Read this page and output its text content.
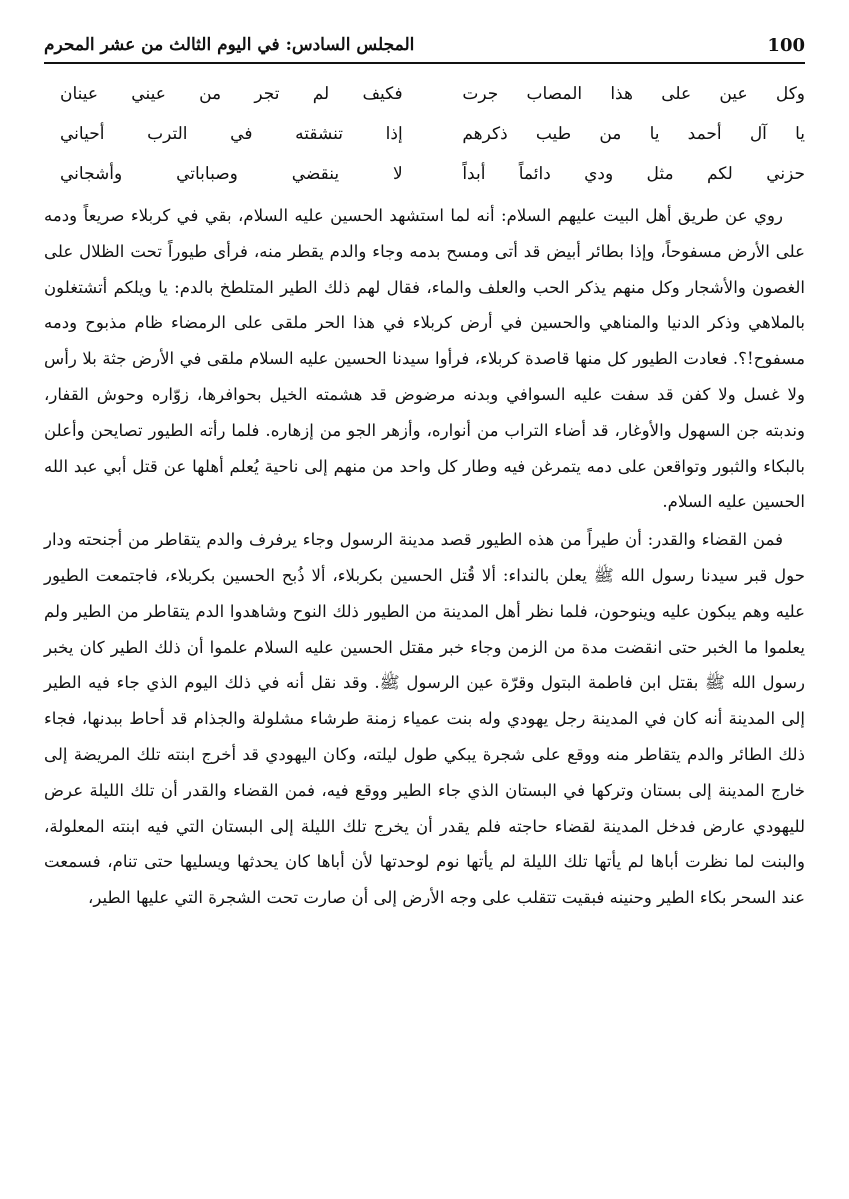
100
المجلس السادس: في اليوم الثالث من عشر المحرم
وكل عين على هذا المصاب جرت
فكيف لم تجر من عيني عينان
يا آل أحمد يا من طيب ذكرهم
إذا تنشقته في الترب أحياني
حزني لكم مثل ودي دائماً أبداً
لا ينقضي وصباباتي وأشجاني

روي عن طريق أهل البيت عليهم السلام: أنه لما استشهد الحسين عليه السلام، بقي في كربلاء صريعاً ودمه على الأرض مسفوحاً، وإذا بطائر أبيض قد أتى ومسح بدمه وجاء والدم يقطر منه، فرأى طيوراً تحت الظلال على الغصون والأشجار وكل منهم يذكر الحب والعلف والماء، فقال لهم ذلك الطير المتلطخ بالدم: يا ويلكم أتشتغلون بالملاهي وذكر الدنيا والمناهي والحسين في أرض كربلاء في هذا الحر ملقى على الرمضاء ظام مذبوح ودمه مسفوح!؟. فعادت الطيور كل منها قاصدة كربلاء، فرأوا سيدنا الحسين عليه السلام ملقى في الأرض جثة بلا رأس ولا غسل ولا كفن قد سفت عليه السوافي وبدنه مرضوض قد هشمته الخيل بحوافرها، زوّاره وحوش القفار، وندبته جن السهول والأوغار، قد أضاء التراب من أنواره، وأزهر الجو من إزهاره. فلما رأته الطيور تصايحن وأعلن بالبكاء والثبور وتواقعن على دمه يتمرغن فيه وطار كل واحد من منهم إلى ناحية يُعلم أهلها عن قتل أبي عبد الله الحسين عليه السلام.

فمن القضاء والقدر: أن طيراً من هذه الطيور قصد مدينة الرسول وجاء يرفرف والدم يتقاطر من أجنحته ودار حول قبر سيدنا رسول الله ﷺ يعلن بالنداء: ألا قُتل الحسين بكربلاء، ألا ذُبح الحسين بكربلاء، فاجتمعت الطيور عليه وهم يبكون عليه وينوحون، فلما نظر أهل المدينة من الطيور ذلك النوح وشاهدوا الدم يتقاطر من الطير ولم يعلموا ما الخبر حتى انقضت مدة من الزمن وجاء خبر مقتل الحسين عليه السلام علموا أن ذلك الطير كان يخبر رسول الله ﷺ بقتل ابن فاطمة البتول وقرّة عين الرسول ﷺ. وقد نقل أنه في ذلك اليوم الذي جاء فيه الطير إلى المدينة أنه كان في المدينة رجل يهودي وله بنت عمياء زمنة طرشاء مشلولة والجذام قد أحاط ببدنها، فجاء ذلك الطائر والدم يتقاطر منه ووقع على شجرة يبكي طول ليلته، وكان اليهودي قد أخرج ابنته تلك المريضة إلى خارج المدينة إلى بستان وتركها في البستان الذي جاء الطير ووقع فيه، فمن القضاء والقدر أن تلك الليلة عرض لليهودي عارض فدخل المدينة لقضاء حاجته فلم يقدر أن يخرج تلك الليلة إلى البستان التي فيه ابنته المعلولة، والبنت لما نظرت أباها لم يأتها تلك الليلة لم يأتها نوم لوحدتها لأن أباها كان يحدثها ويسليها حتى تنام، فسمعت عند السحر بكاء الطير وحنينه فبقيت تتقلب على وجه الأرض إلى أن صارت تحت الشجرة التي عليها الطير،
